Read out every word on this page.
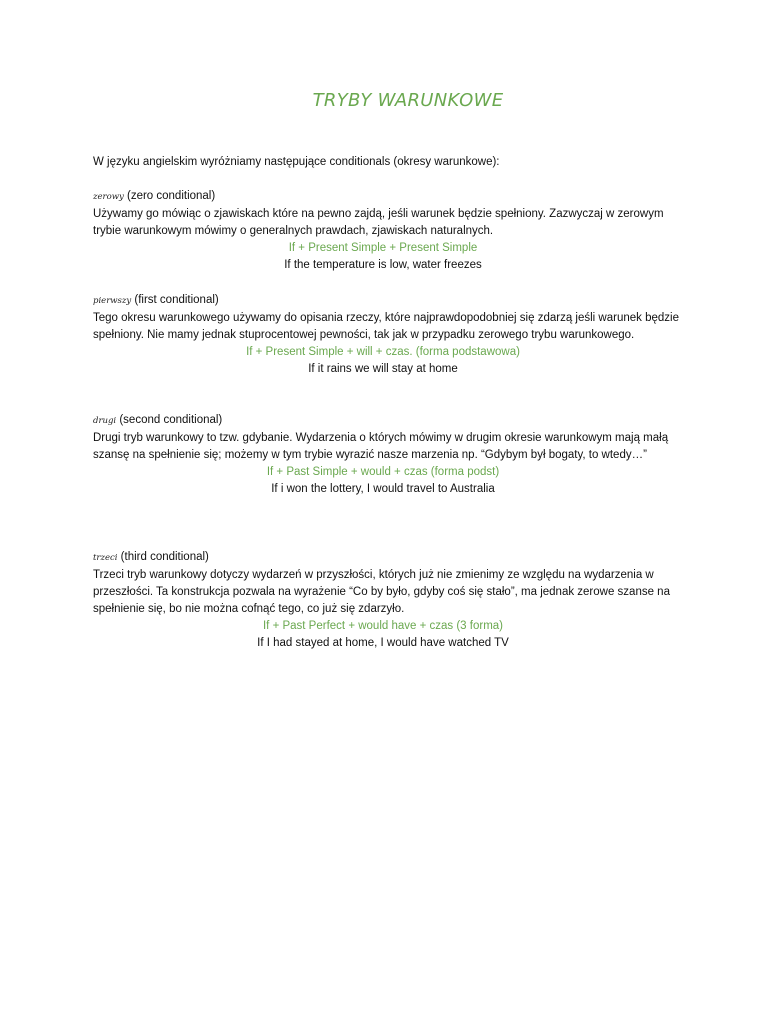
TRYBY WARUNKOWE
W języku angielskim wyróżniamy następujące conditionals (okresy warunkowe):

zerowy (zero conditional)

Używamy go mówiąc o zjawiskach które na pewno zajdą, jeśli warunek będzie spełniony. Zazwyczaj w zerowym trybie warunkowym mówimy o generalnych prawdach, zjawiskach naturalnych.

If + Present Simple + Present Simple

If the temperature is low, water freezes

pierwszy (first conditional)

Tego okresu warunkowego używamy do opisania rzeczy, które najprawdopodobniej się zdarzą jeśli warunek będzie spełniony. Nie mamy jednak stuprocentowej pewności, tak jak w przypadku zerowego trybu warunkowego.

If + Present Simple + will + czas. (forma podstawowa)

If it rains we will stay at home

drugi (second conditional)

Drugi tryb warunkowy to tzw. gdybanie. Wydarzenia o których mówimy w drugim okresie warunkowym mają małą szansę na spełnienie się; możemy w tym trybie wyrazić nasze marzenia np. “Gdybym był bogaty, to wtedy…”

If + Past Simple + would + czas (forma podst)

If i won the lottery, I would travel to Australia

trzeci (third conditional)

Trzeci tryb warunkowy dotyczy wydarzeń w przyszłości, których już nie zmienimy ze względu na wydarzenia w przeszłości. Ta konstrukcja pozwala na wyrażenie “Co by było, gdyby coś się stało”, ma jednak zerowe szanse na spełnienie się, bo nie można cofnąć tego, co już się zdarzyło.

If + Past Perfect + would have + czas (3 forma)

If I had stayed at home, I would have watched TV
